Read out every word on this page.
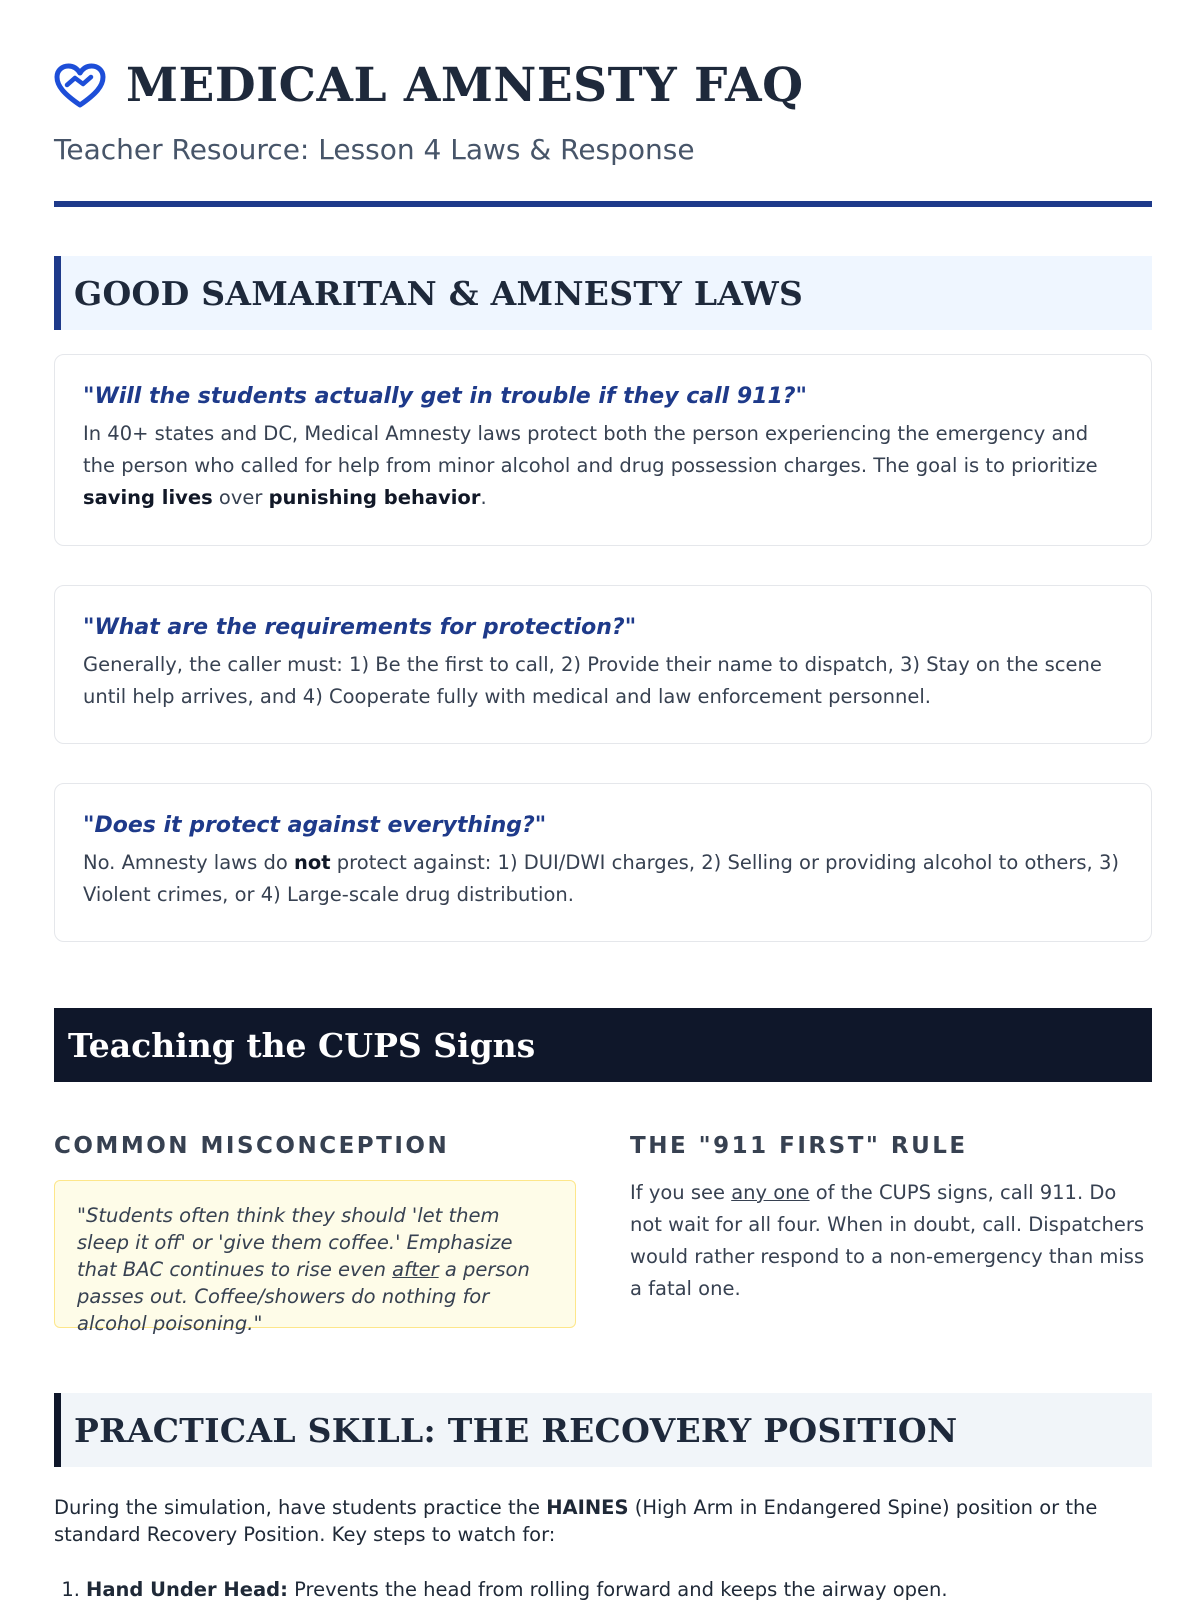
MEDICAL AMNESTY FAQ
Teacher Resource: Lesson 4 Laws & Response
GOOD SAMARITAN & AMNESTY LAWS
"Will the students actually get in trouble if they call 911?"

In 40+ states and DC, Medical Amnesty laws protect both the person experiencing the emergency and the person who called for help from minor alcohol and drug possession charges. The goal is to prioritize saving lives over punishing behavior.

"What are the requirements for protection?"

Generally, the caller must: 1) Be the first to call, 2) Provide their name to dispatch, 3) Stay on the scene until help arrives, and 4) Cooperate fully with medical and law enforcement personnel.

"Does it protect against everything?"

No. Amnesty laws do not protect against: 1) DUI/DWI charges, 2) Selling or providing alcohol to others, 3) Violent crimes, or 4) Large-scale drug distribution.

Teaching the CUPS Signs
COMMON MISCONCEPTION

"Students often think they should 'let them sleep it off' or 'give them coffee.' Emphasize that BAC continues to rise even after a person passes out. Coffee/showers do nothing for alcohol poisoning."

THE "911 FIRST" RULE

If you see any one of the CUPS signs, call 911. Do not wait for all four. When in doubt, call. Dispatchers would rather respond to a non-emergency than miss a fatal one.

PRACTICAL SKILL: THE RECOVERY POSITION

During the simulation, have students practice the HAINES (High Arm in Endangered Spine) position or the standard Recovery Position. Key steps to watch for:

1. Hand Under Head: Prevents the head from rolling forward and keeps the airway open.
